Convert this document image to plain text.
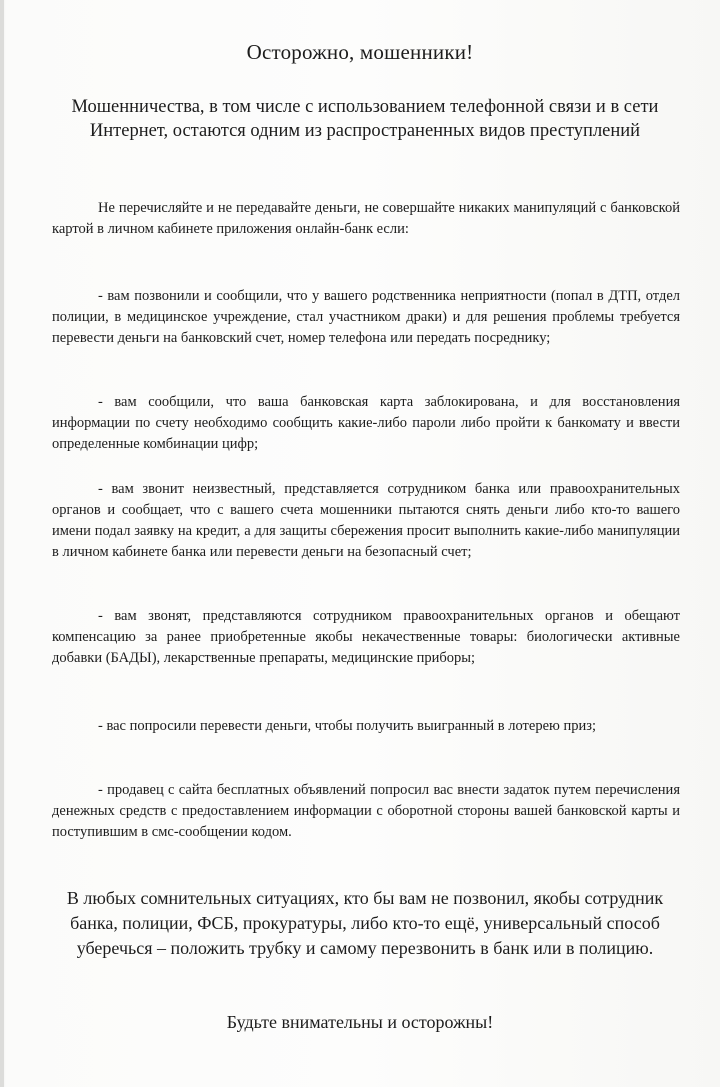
Осторожно, мошенники!
Мошенничества, в том числе с использованием телефонной связи и в сети Интернет, остаются одним из распространенных видов преступлений
Не перечисляйте и не передавайте деньги, не совершайте никаких манипуляций с банковской картой в личном кабинете приложения онлайн-банк если:
- вам позвонили и сообщили, что у вашего родственника неприятности (попал в ДТП, отдел полиции, в медицинское учреждение, стал участником драки) и для решения проблемы требуется перевести деньги на банковский счет, номер телефона или передать посреднику;
- вам сообщили, что ваша банковская карта заблокирована, и для восстановления информации по счету необходимо сообщить какие-либо пароли либо пройти к банкомату и ввести определенные комбинации цифр;
- вам звонит неизвестный, представляется сотрудником банка или правоохранительных органов и сообщает, что с вашего счета мошенники пытаются снять деньги либо кто-то вашего имени подал заявку на кредит, а для защиты сбережения просит выполнить какие-либо манипуляции в личном кабинете банка или перевести деньги на безопасный счет;
- вам звонят, представляются сотрудником правоохранительных органов и обещают компенсацию за ранее приобретенные якобы некачественные товары: биологически активные добавки (БАДЫ), лекарственные препараты, медицинские приборы;
- вас попросили перевести деньги, чтобы получить выигранный в лотерею приз;
- продавец с сайта бесплатных объявлений попросил вас внести задаток путем перечисления денежных средств с предоставлением информации с оборотной стороны вашей банковской карты и поступившим в смс-сообщении кодом.
В любых сомнительных ситуациях, кто бы вам не позвонил, якобы сотрудник банка, полиции, ФСБ, прокуратуры, либо кто-то ещё, универсальный способ уберечься – положить трубку и самому перезвонить в банк или в полицию.
Будьте внимательны и осторожны!
